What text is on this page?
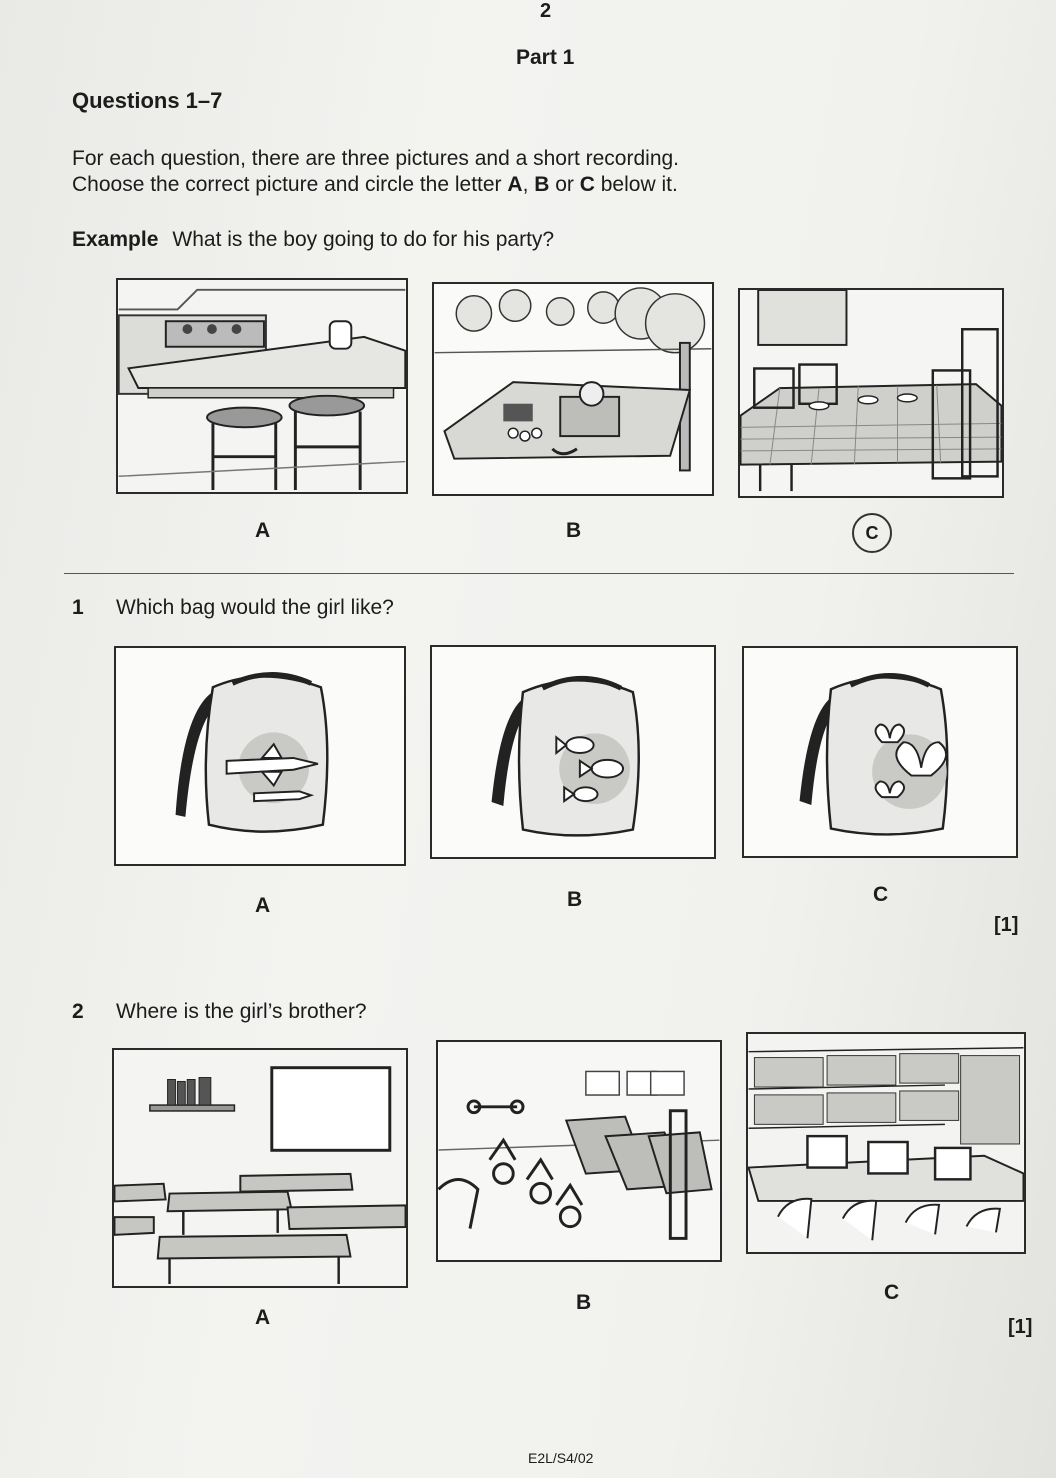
2
Part 1
Questions 1–7
For each question, there are three pictures and a short recording.
Choose the correct picture and circle the letter A, B or C below it.
Example What is the boy going to do for his party?
A	B	C
1 Which bag would the girl like?
A	B	C
[1]
2 Where is the girl’s brother?
A
B	C
[1]
E2L/S4/02
